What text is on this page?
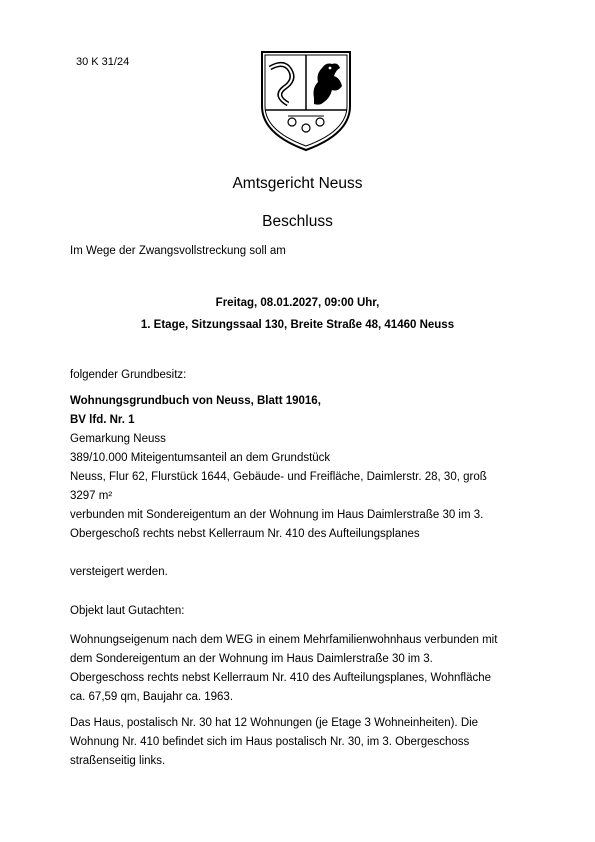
30 K 31/24

Amtsgericht Neuss

Beschluss

Im Wege der Zwangsvollstreckung soll am

Freitag, 08.01.2027, 09:00 Uhr,
1. Etage, Sitzungssaal 130, Breite Straße 48, 41460 Neuss

folgender Grundbesitz:

Wohnungsgrundbuch von Neuss, Blatt 19016,
BV lfd. Nr. 1
Gemarkung Neuss
389/10.000 Miteigentumsanteil an dem Grundstück
Neuss, Flur 62, Flurstück 1644, Gebäude- und Freifläche, Daimlerstr. 28, 30, groß
3297 m²
verbunden mit Sondereigentum an der Wohnung im Haus Daimlerstraße 30 im 3.
Obergeschoß rechts nebst Kellerraum Nr. 410 des Aufteilungsplanes

versteigert werden.

Objekt laut Gutachten:

Wohnungseigenum nach dem WEG in einem Mehrfamilienwohnhaus verbunden mit
dem Sondereigentum an der Wohnung im Haus Daimlerstraße 30 im 3.
Obergeschoss rechts nebst Kellerraum Nr. 410 des Aufteilungsplanes, Wohnfläche
ca. 67,59 qm, Baujahr ca. 1963.
Das Haus, postalisch Nr. 30 hat 12 Wohnungen (je Etage 3 Wohneinheiten). Die
Wohnung Nr. 410 befindet sich im Haus postalisch Nr. 30, im 3. Obergeschoss
straßenseitig links.
